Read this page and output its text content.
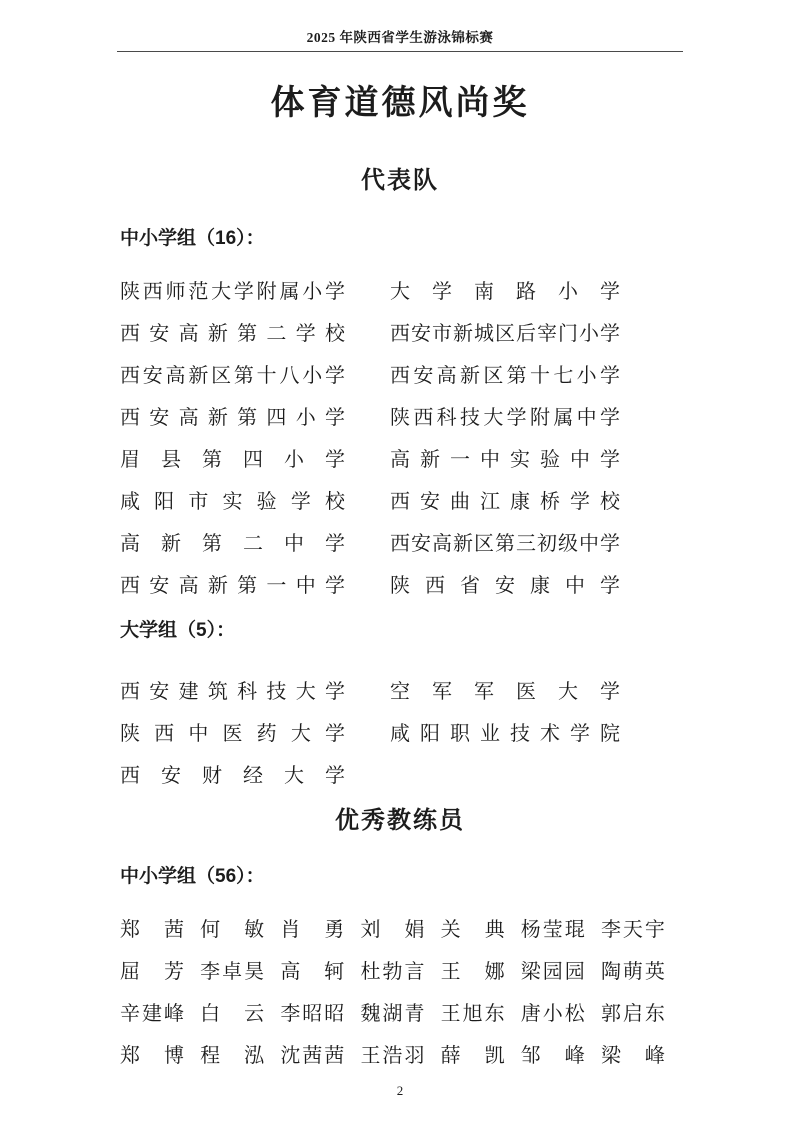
2025 年陕西省学生游泳锦标赛
体育道德风尚奖
代表队
中小学组（16）：
陕西师范大学附属小学 大学南路小学
西安高新第二学校 西安市新城区后宰门小学
西安高新区第十八小学 西安高新区第十七小学
西安高新第四小学 陕西科技大学附属中学
眉县第四小学 高新一中实验中学
咸阳市实验学校 西安曲江康桥学校
高新第二中学 西安高新区第三初级中学
西安高新第一中学 陕西省安康中学
大学组（5）：
西安建筑科技大学 空军军医大学
陕西中医药大学 咸阳职业技术学院
西安财经大学
优秀教练员
中小学组（56）：
郑茜 何敏 肖勇 刘娟 关典 杨莹琨 李天宇
屈芳 李卓昊 高轲 杜勃言 王娜 梁园园 陶萌英
辛建峰 白云 李昭昭 魏湖青 王旭东 唐小松 郭启东
郑博 程泓 沈茜茜 王浩羽 薛凯 邹峰 梁峰
2
